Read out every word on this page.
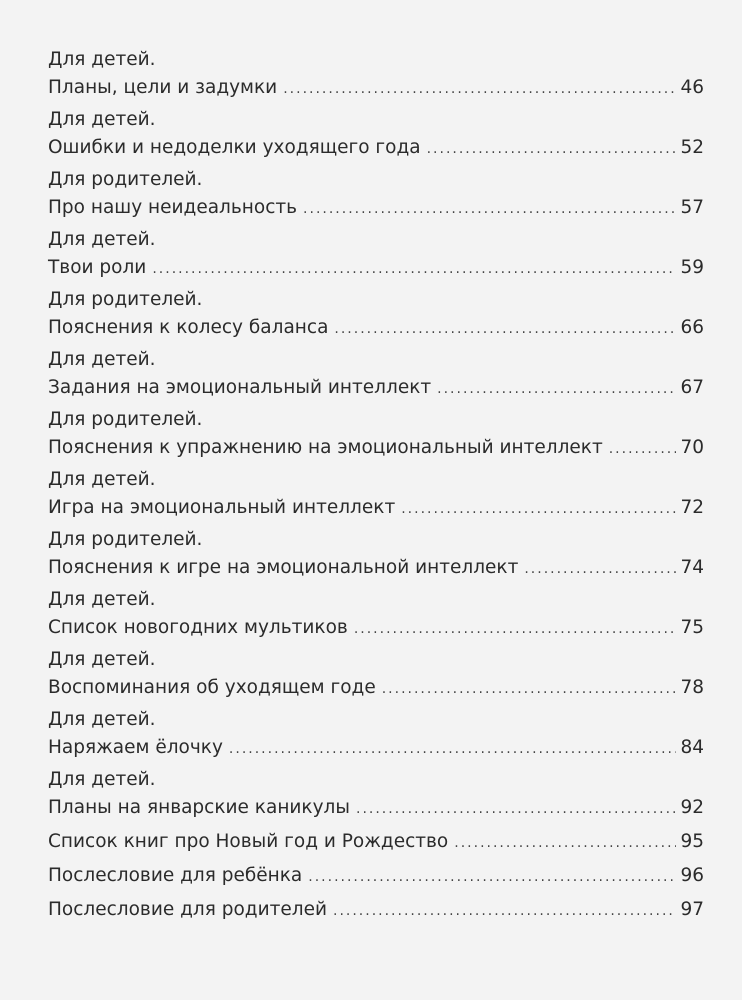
Для детей.
Планы, цели и задумки .....	46
Для детей.
Ошибки и недоделки уходящего года .....	52
Для родителей.
Про нашу неидеальность .....	57
Для детей.
Твои роли .....	59
Для родителей.
Пояснения к колесу баланса .....	66
Для детей.
Задания на эмоциональный интеллект .....	67
Для родителей.
Пояснения к упражнению на эмоциональный интеллект .....	70
Для детей.
Игра на эмоциональный интеллект .....	72
Для родителей.
Пояснения к игре на эмоциональной интеллект .....	74
Для детей.
Список новогодних мультиков .....	75
Для детей.
Воспоминания об уходящем годе .....	78
Для детей.
Наряжаем ёлочку .....	84
Для детей.
Планы на январские каникулы .....	92
Список книг про Новый год и Рождество .....	95
Послесловие для ребёнка .....	96
Послесловие для родителей .....	97
